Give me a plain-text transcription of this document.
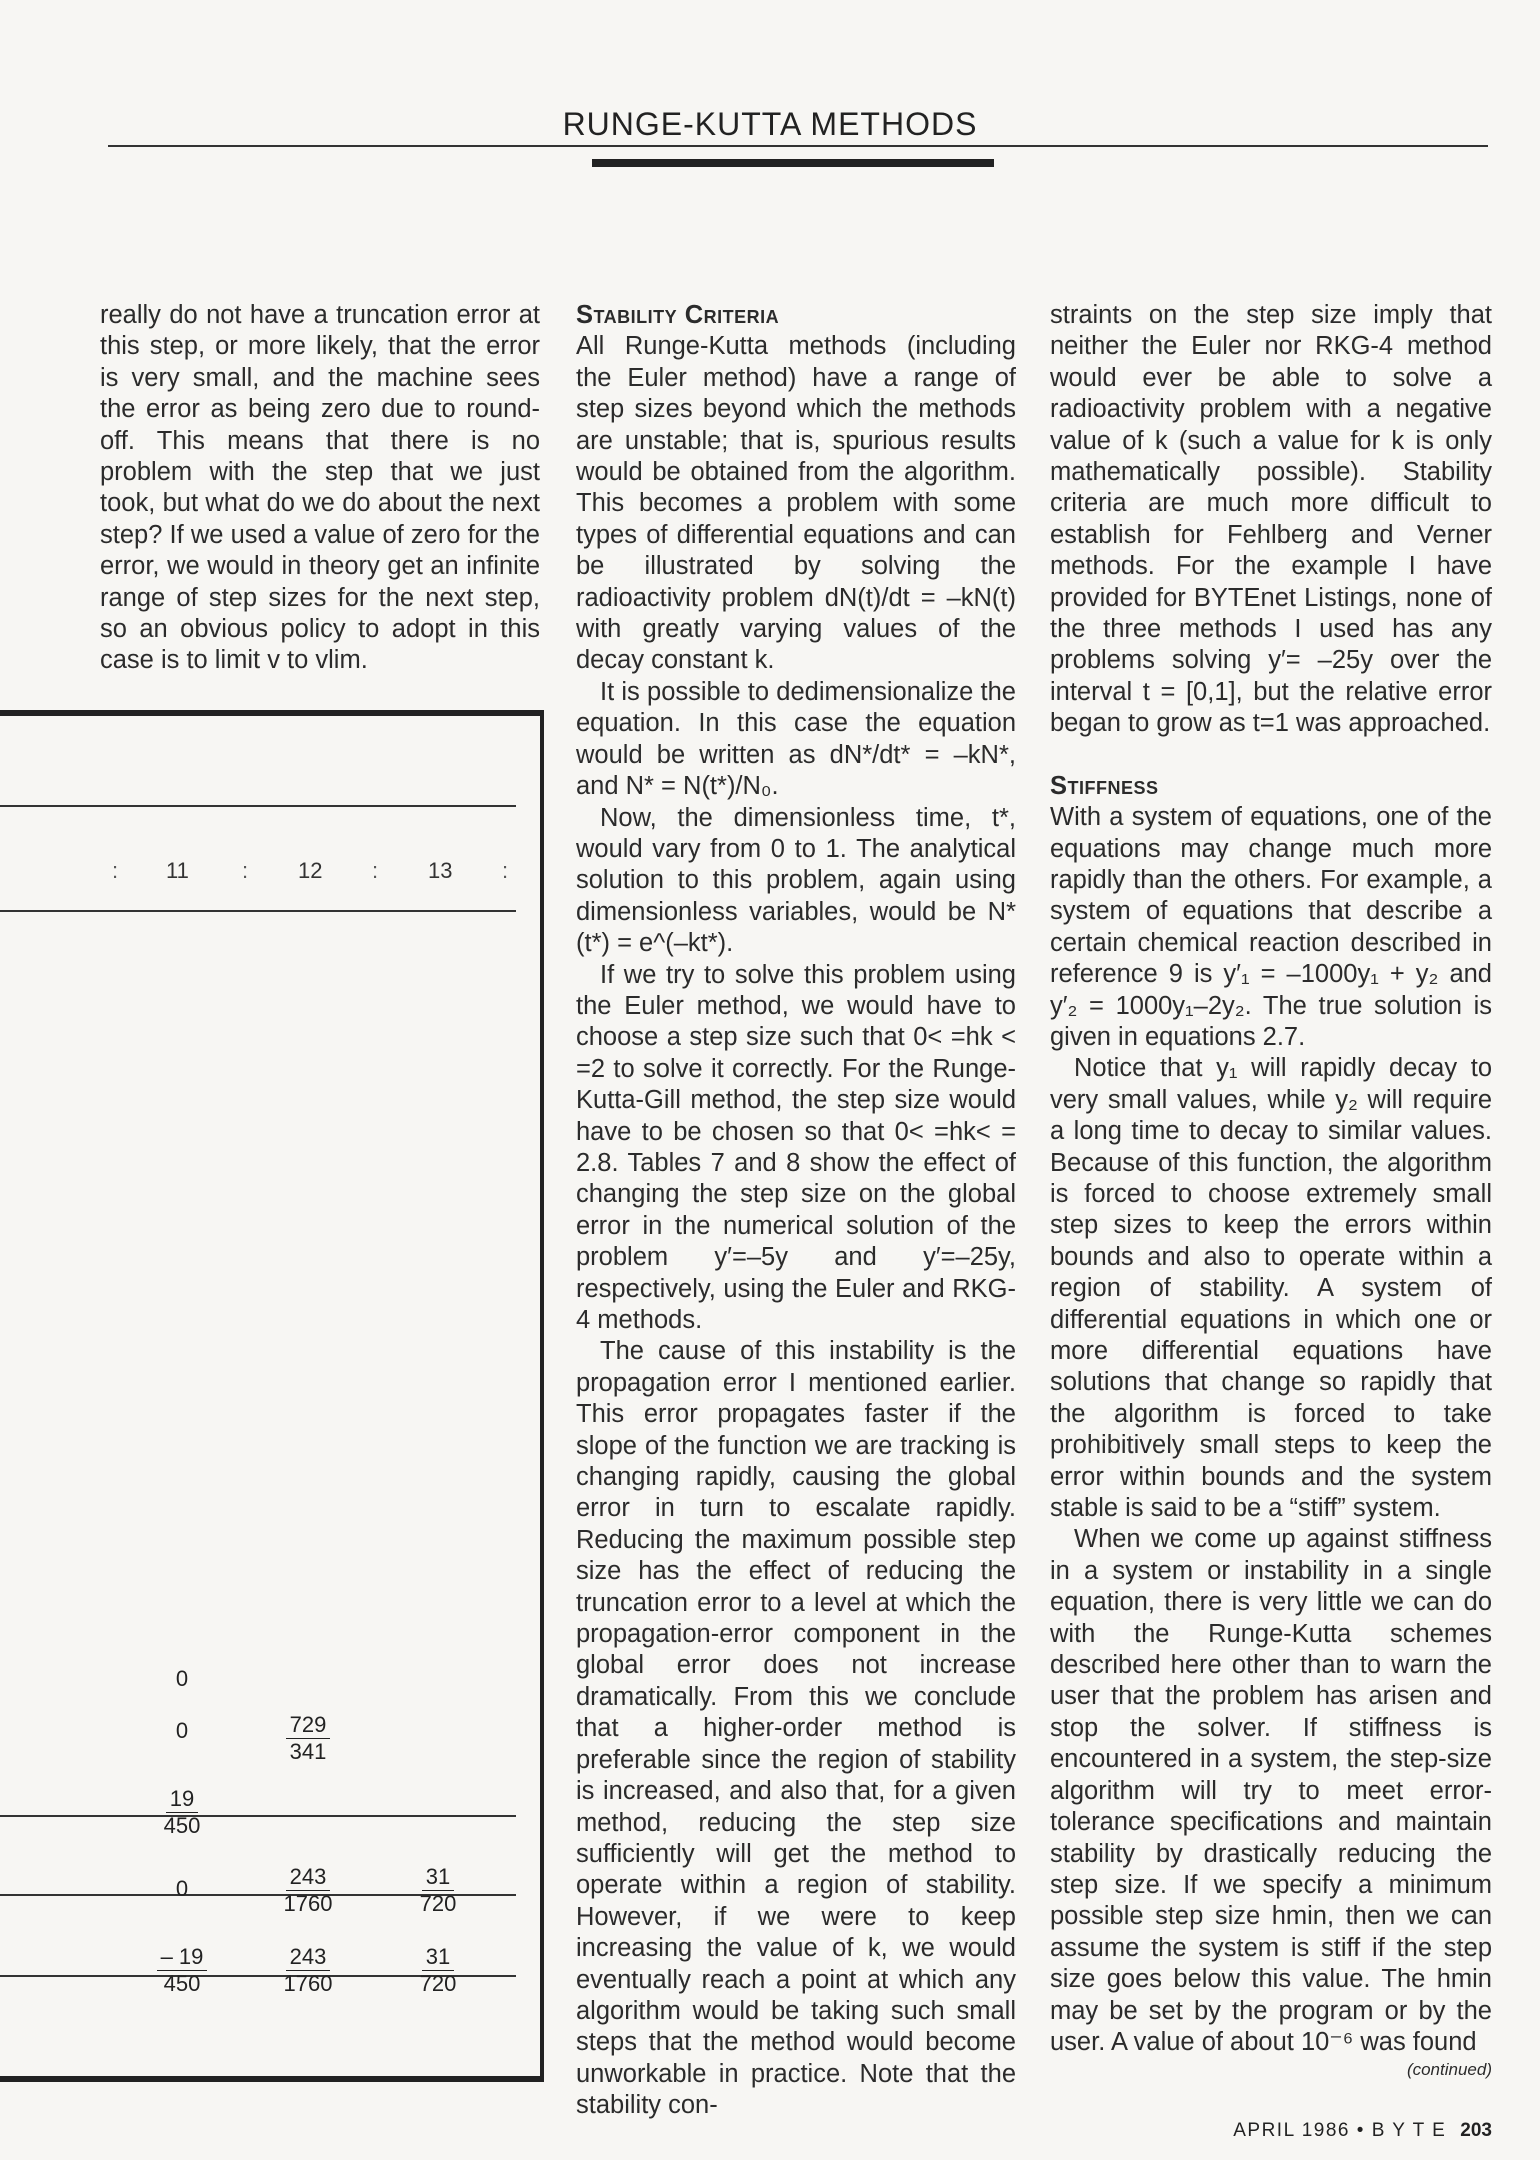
RUNGE-KUTTA METHODS

really do not have a truncation error at this step, or more likely, that the error is very small, and the machine sees the error as being zero due to round-off. This means that there is no problem with the step that we just took, but what do we do about the next step? If we used a value of zero for the error, we would in theory get an infinite range of step sizes for the next step, so an obvious policy to adopt in this case is to limit v to vlim.

: 11 : 12 : 13 :
0
0	$\frac{729}{341}$
$\frac{19}{450}$
0	$\frac{243}{1760}$	$\frac{31}{720}$
$\frac{- 19}{450}$	$\frac{243}{1760}$	$\frac{31}{720}$
Stability Criteria

All Runge-Kutta methods (including the Euler method) have a range of step sizes beyond which the methods are unstable; that is, spurious results would be obtained from the algorithm. This becomes a problem with some types of differential equations and can be illustrated by solving the radioactivity problem dN(t)/dt = –kN(t) with greatly varying values of the decay constant k.

It is possible to dedimensionalize the equation. In this case the equation would be written as dN*/dt* = –kN*, and N* = N(t*)/N₀.

Now, the dimensionless time, t*, would vary from 0 to 1. The analytical solution to this problem, again using dimensionless variables, would be N*(t*) = e^(–kt*).

If we try to solve this problem using the Euler method, we would have to choose a step size such that 0< =hk < =2 to solve it correctly. For the Runge-Kutta-Gill method, the step size would have to be chosen so that 0< =hk< = 2.8. Tables 7 and 8 show the effect of changing the step size on the global error in the numerical solution of the problem y′=–5y and y′=–25y, respectively, using the Euler and RKG-4 methods.

The cause of this instability is the propagation error I mentioned earlier. This error propagates faster if the slope of the function we are tracking is changing rapidly, causing the global error in turn to escalate rapidly. Reducing the maximum possible step size has the effect of reducing the truncation error to a level at which the propagation-error component in the global error does not increase dramatically. From this we conclude that a higher-order method is preferable since the region of stability is increased, and also that, for a given method, reducing the step size sufficiently will get the method to operate within a region of stability. However, if we were to keep increasing the value of k, we would eventually reach a point at which any algorithm would be taking such small steps that the method would become unworkable in practice. Note that the stability con-

straints on the step size imply that neither the Euler nor RKG-4 method would ever be able to solve a radioactivity problem with a negative value of k (such a value for k is only mathematically possible). Stability criteria are much more difficult to establish for Fehlberg and Verner methods. For the example I have provided for BYTEnet Listings, none of the three methods I used has any problems solving y′= –25y over the interval t = [0,1], but the relative error began to grow as t=1 was approached.

Stiffness

With a system of equations, one of the equations may change much more rapidly than the others. For example, a system of equations that describe a certain chemical reaction described in reference 9 is y′₁ = –1000y₁ + y₂ and y′₂ = 1000y₁–2y₂. The true solution is given in equations 2.7.

Notice that y₁ will rapidly decay to very small values, while y₂ will require a long time to decay to similar values. Because of this function, the algorithm is forced to choose extremely small step sizes to keep the errors within bounds and also to operate within a region of stability. A system of differential equations in which one or more differential equations have solutions that change so rapidly that the algorithm is forced to take prohibitively small steps to keep the error within bounds and the system stable is said to be a “stiff” system.

When we come up against stiffness in a system or instability in a single equation, there is very little we can do with the Runge-Kutta schemes described here other than to warn the user that the problem has arisen and stop the solver. If stiffness is encountered in a system, the step-size algorithm will try to meet error-tolerance specifications and maintain stability by drastically reducing the step size. If we specify a minimum possible step size hmin, then we can assume the system is stiff if the step size goes below this value. The hmin may be set by the program or by the user. A value of about 10⁻⁶ was found

(continued)
APRIL 1986 • B Y T E 203
